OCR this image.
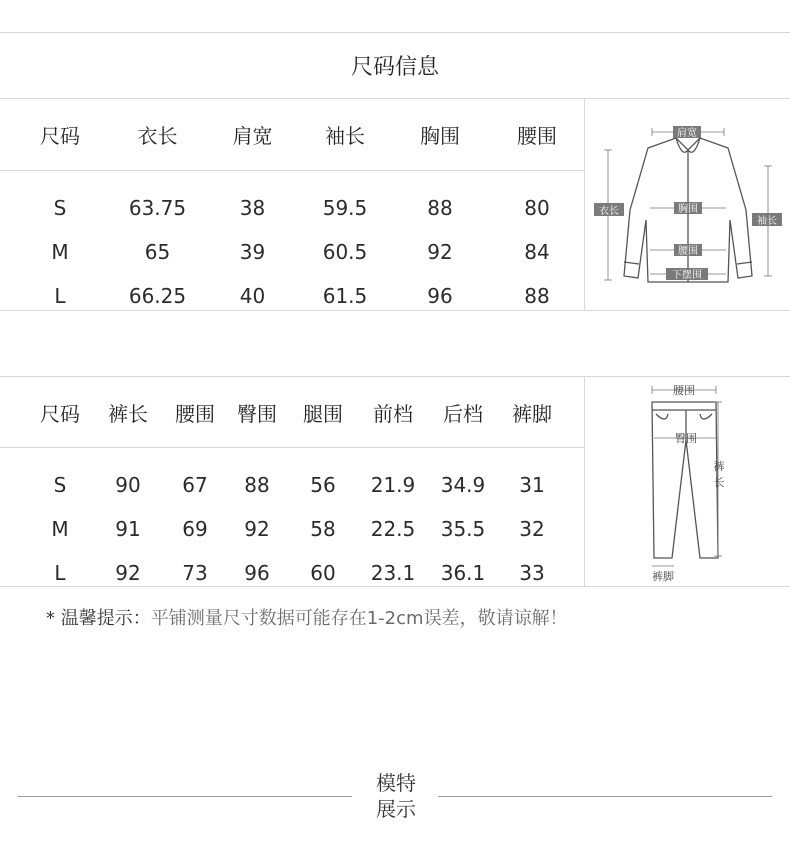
尺码信息
尺码	衣长	肩宽	袖长	胸围	腰围

S	63.75	38	59.5	88	80
M	65	39	60.5	92	84
L	66.25	40	61.5	96	88
肩宽
衣长	胸围
袖长
腰围
下摆围
尺码	裤长	腰围	臀围	腿围	前档	后档	裤脚

S	90	67	88	56	21.9	34.9	31
M	91	69	92	58	22.5	35.5	32
L	92	73	96	60	23.1	36.1	33
腰围
臀围
裤
长
裤脚
* 温馨提示：平铺测量尺寸数据可能存在1-2cm误差，敬请谅解！
模特
展示
